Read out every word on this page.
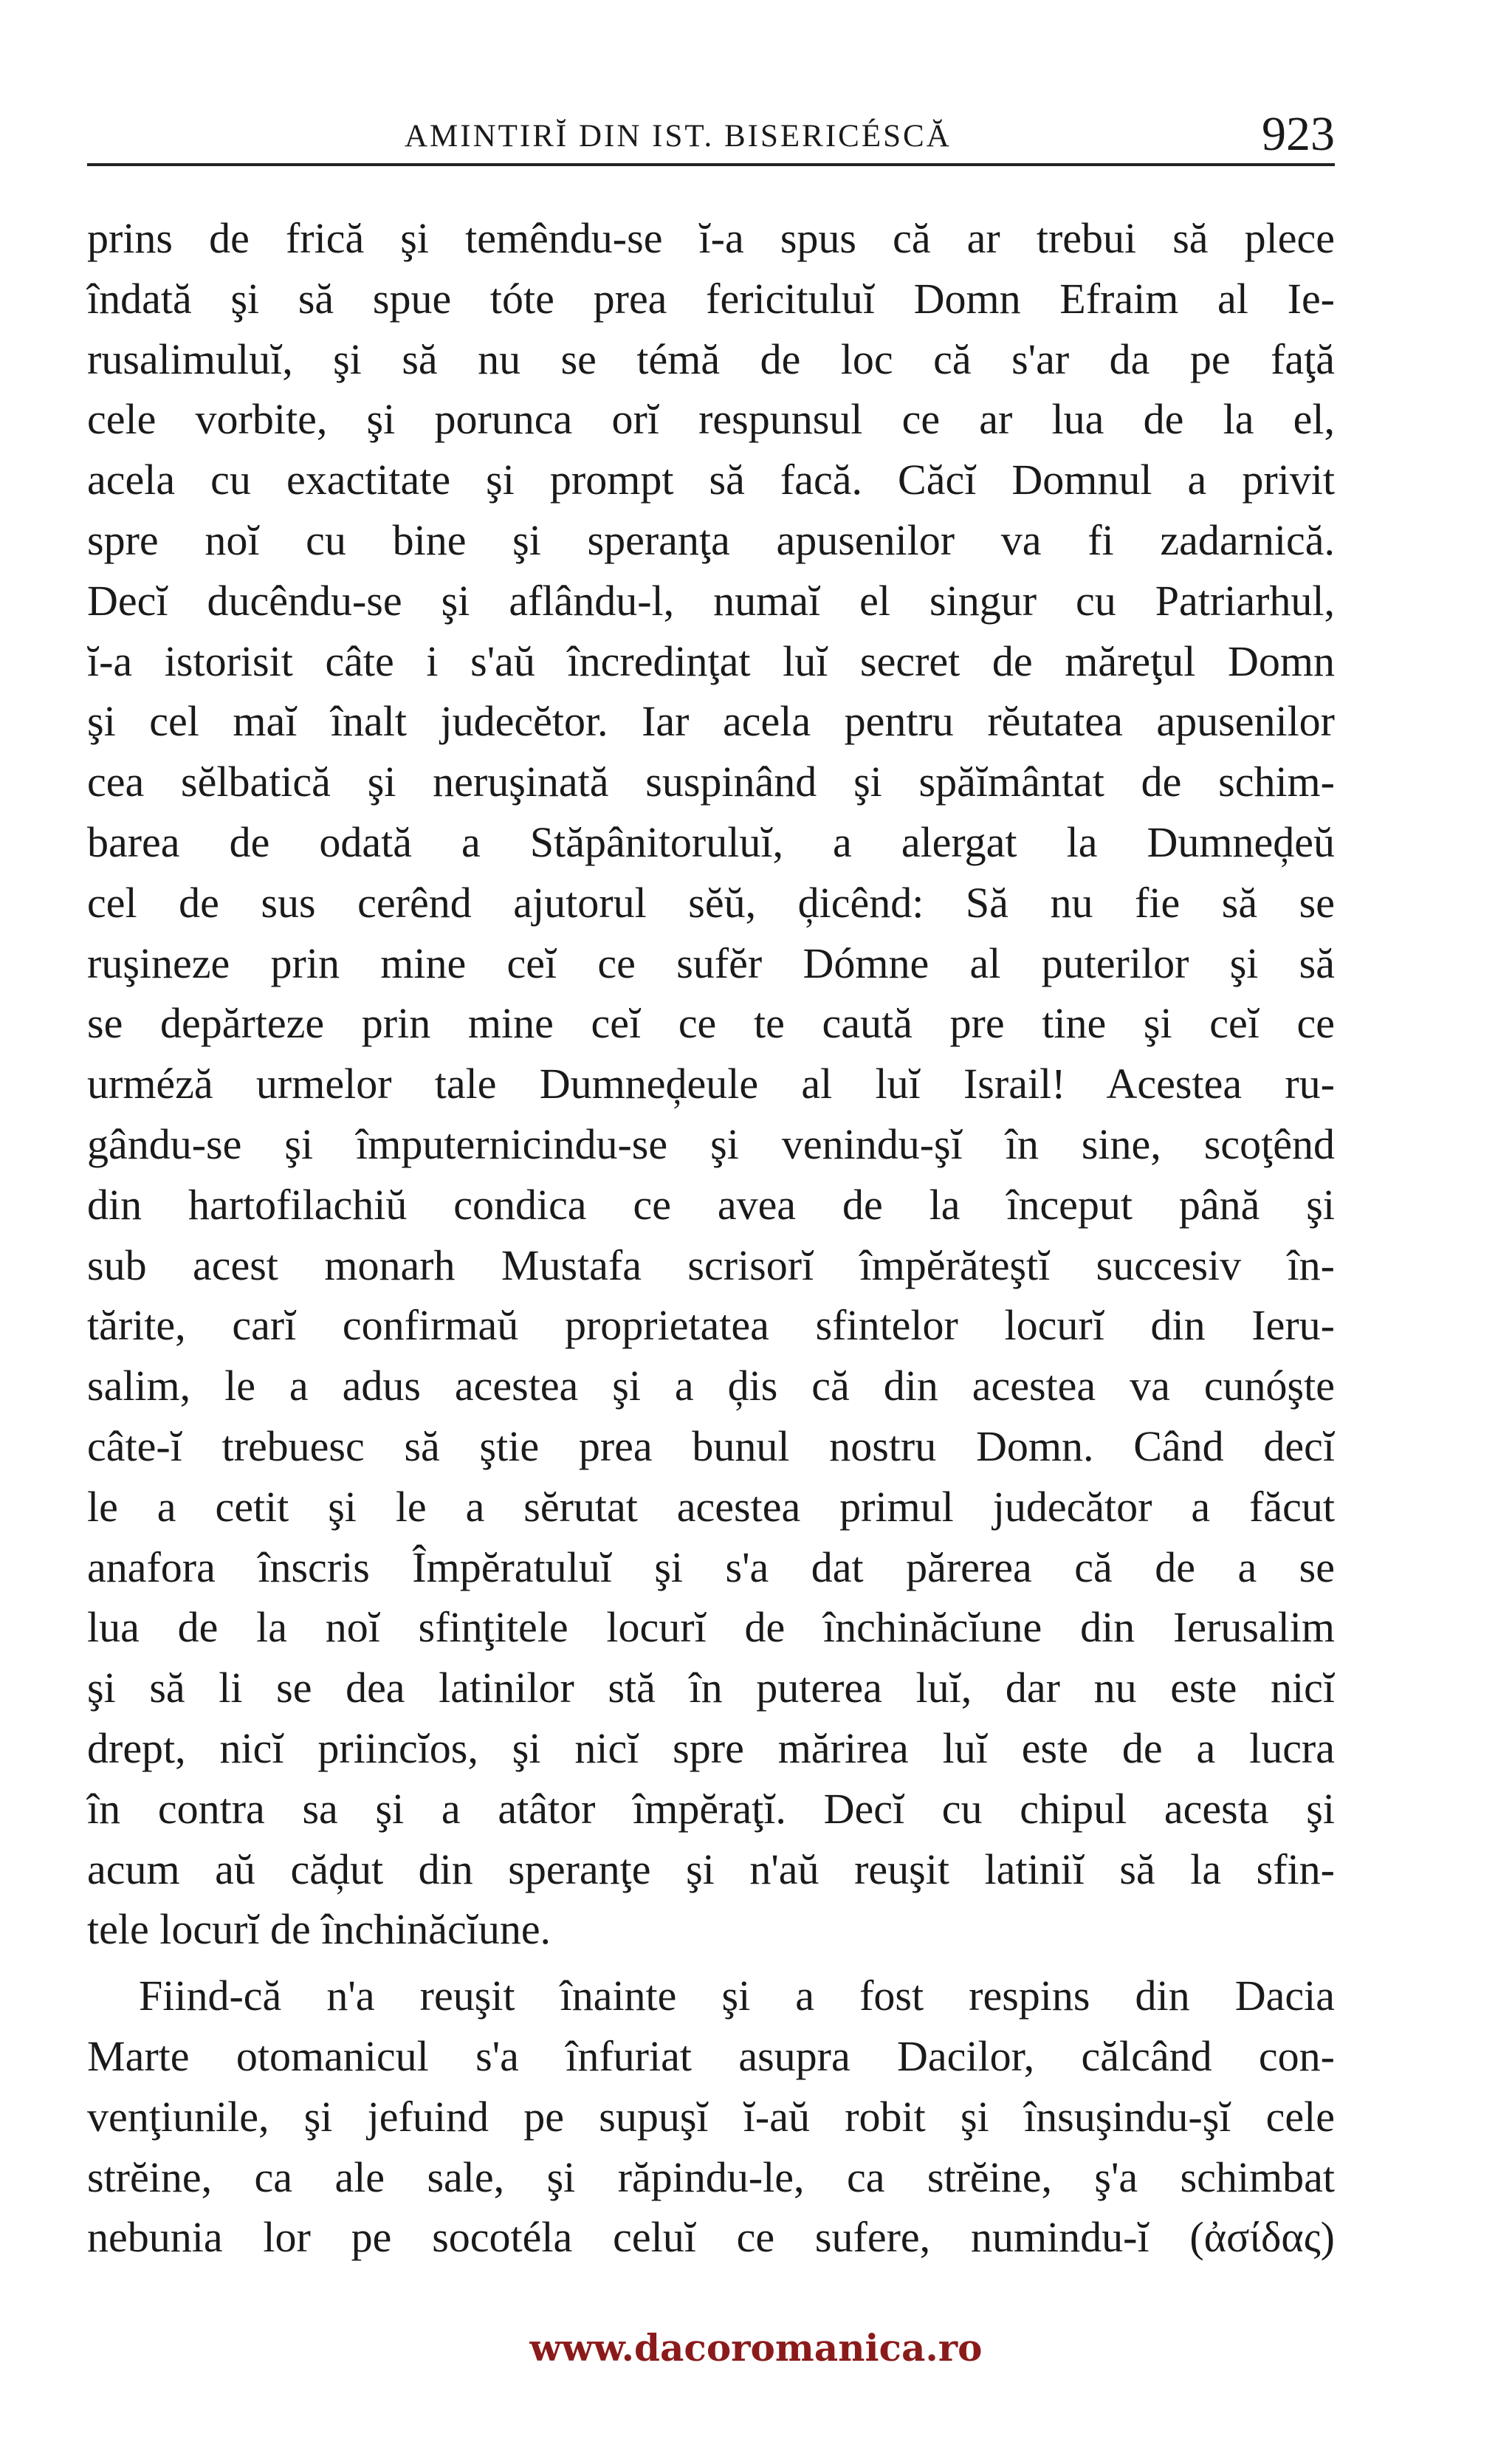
AMINTIRĬ DIN IST. BISERICÉSCĂ	923
prins de frică şi temêndu-se ĭ-a spus că ar trebui să plece
îndată şi să spue tóte prea fericituluĭ Domn Efraim al Ie-
rusalimuluĭ, şi să nu se témă de loc că s'ar da pe faţă
cele vorbite, şi porunca orĭ respunsul ce ar lua de la el,
acela cu exactitate şi prompt să facă. Căcĭ Domnul a privit
spre noĭ cu bine şi speranţa apusenilor va fi zadarnică.
Decĭ ducêndu-se şi aflându-l, numaĭ el singur cu Patriarhul,
ĭ-a istorisit câte i s'aŭ încredinţat luĭ secret de măreţul Domn
şi cel maĭ înalt judecĕtor. Iar acela pentru rĕutatea apusenilor
cea sĕlbatică şi neruşinată suspinând şi spăĭmântat de schim-
barea de odată a Stăpânitoruluĭ, a alergat la Dumneḑeŭ
cel de sus cerênd ajutorul sĕŭ, ḑicênd: Să nu fie să se
ruşineze prin mine ceĭ ce sufĕr Dómne al puterilor şi să
se depărteze prin mine ceĭ ce te caută pre tine şi ceĭ ce
urméză urmelor tale Dumneḑeule al luĭ Israil! Acestea ru-
gându-se şi împuternicindu-se şi venindu-şĭ în sine, scoţênd
din hartofilachiŭ condica ce avea de la început până şi
sub acest monarh Mustafa scrisorĭ împĕrăteştĭ succesiv în-
tărite, carĭ confirmaŭ proprietatea sfintelor locurĭ din Ieru-
salim, le a adus acestea şi a ḑis că din acestea va cunóşte
câte-ĭ trebuesc să ştie prea bunul nostru Domn. Când decĭ
le a cetit şi le a sĕrutat acestea primul judecător a făcut
anafora înscris Împĕratuluĭ şi s'a dat părerea că de a se
lua de la noĭ sfinţitele locurĭ de închinăcĭune din Ierusalim
şi să li se dea latinilor stă în puterea luĭ, dar nu este nicĭ
drept, nicĭ priincĭos, şi nicĭ spre mărirea luĭ este de a lucra
în contra sa şi a atâtor împĕraţĭ. Decĭ cu chipul acesta şi
acum aŭ căḑut din speranţe şi n'aŭ reuşit latiniĭ să la sfin-
tele locurĭ de închinăcĭune.
Fiind-că n'a reuşit înainte şi a fost respins din Dacia
Marte otomanicul s'a înfuriat asupra Dacilor, călcând con-
venţiunile, şi jefuind pe supuşĭ ĭ-aŭ robit şi însuşindu-şĭ cele
strĕine, ca ale sale, şi răpindu-le, ca strĕine, ş'a schimbat
nebunia lor pe socotéla celuĭ ce sufere, numindu-ĭ (ἀσίδας)
www.dacoromanica.ro
